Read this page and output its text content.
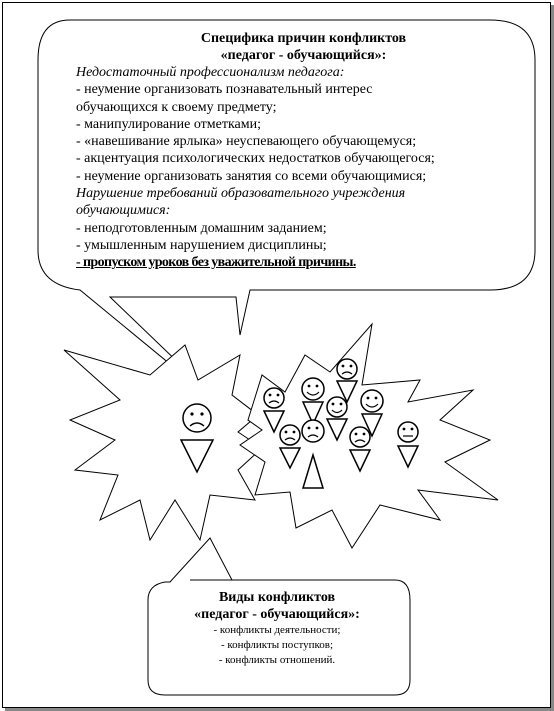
Специфика причин конфликтов
«педагог - обучающийся»:
Недостаточный профессионализм педагога:
- неумение организовать познавательный интерес
обучающихся к своему предмету;
- манипулирование отметками;
- «навешивание ярлыка» неуспевающего обучающемуся;
- акцентуация психологических недостатков обучающегося;
- неумение организовать занятия со всеми обучающимися;
Нарушение требований образовательного учреждения
обучающимися:
- неподготовленным домашним заданием;
- умышленным нарушением дисциплины;
- пропуском уроков без уважительной причины.
Виды конфликтов
«педагог - обучающийся»:
- конфликты деятельности;
- конфликты поступков;
- конфликты отношений.
